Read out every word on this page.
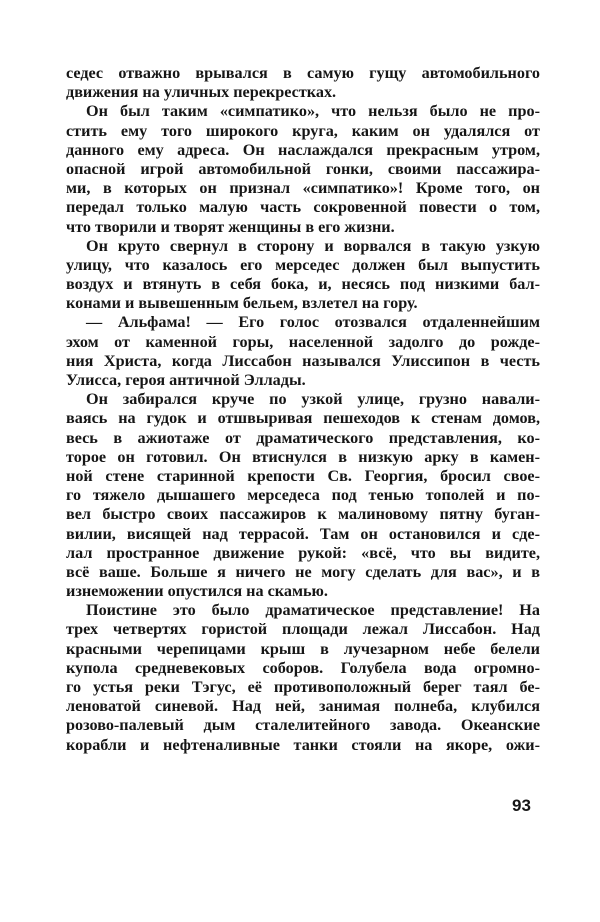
седес отважно врывался в самую гущу автомобильного
движения на уличных перекрестках.
Он был таким «симпатико», что нельзя было не про-
стить ему того широкого круга, каким он удалялся от
данного ему адреса. Он наслаждался прекрасным утром,
опасной игрой автомобильной гонки, своими пассажира-
ми, в которых он признал «симпатико»! Кроме того, он
передал только малую часть сокровенной повести о том,
что творили и творят женщины в его жизни.
Он круто свернул в сторону и ворвался в такую узкую
улицу, что казалось его мерседес должен был выпустить
воздух и втянуть в себя бока, и, несясь под низкими бал-
конами и вывешенным бельем, взлетел на гору.
— Альфама! — Его голос отозвался отдаленнейшим
эхом от каменной горы, населенной задолго до рожде-
ния Христа, когда Лиссабон назывался Улиссипон в честь
Улисса, героя античной Эллады.
Он забирался круче по узкой улице, грузно навали-
ваясь на гудок и отшвыривая пешеходов к стенам домов,
весь в ажиотаже от драматического представления, ко-
торое он готовил. Он втиснулся в низкую арку в камен-
ной стене старинной крепости Св. Георгия, бросил свое-
го тяжело дышашего мерседеса под тенью тополей и по-
вел быстро своих пассажиров к малиновому пятну буган-
вилии, висящей над террасой. Там он остановился и сде-
лал пространное движение рукой: «всё, что вы видите,
всё ваше. Больше я ничего не могу сделать для вас», и в
изнеможении опустился на скамью.
Поистине это было драматическое представление! На
трех четвертях гористой площади лежал Лиссабон. Над
красными черепицами крыш в лучезарном небе белели
купола средневековых соборов. Голубела вода огромно-
го устья реки Тэгус, её противоположный берег таял бе-
леноватой синевой. Над ней, занимая полнеба, клубился
розово-палевый дым сталелитейного завода. Океанские
корабли и нефтеналивные танки стояли на якоре, ожи-
93
